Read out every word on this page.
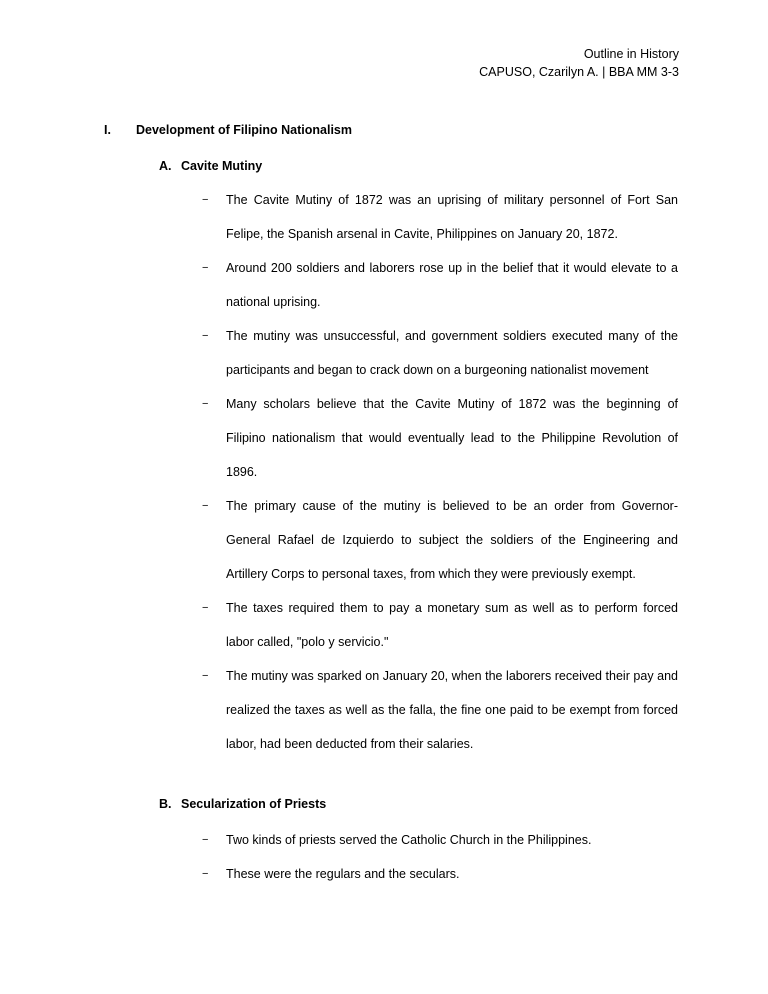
Outline in History
CAPUSO, Czarilyn A. | BBA MM 3-3
I.	Development of Filipino Nationalism
A. Cavite Mutiny
−	The Cavite Mutiny of 1872 was an uprising of military personnel of Fort San Felipe, the Spanish arsenal in Cavite, Philippines on January 20, 1872.
−	Around 200 soldiers and laborers rose up in the belief that it would elevate to a national uprising.
−	The mutiny was unsuccessful, and government soldiers executed many of the participants and began to crack down on a burgeoning nationalist movement
−	Many scholars believe that the Cavite Mutiny of 1872 was the beginning of Filipino nationalism that would eventually lead to the Philippine Revolution of 1896.
−	The primary cause of the mutiny is believed to be an order from Governor-General Rafael de Izquierdo to subject the soldiers of the Engineering and Artillery Corps to personal taxes, from which they were previously exempt.
−	The taxes required them to pay a monetary sum as well as to perform forced labor called, "polo y servicio."
−	The mutiny was sparked on January 20, when the laborers received their pay and realized the taxes as well as the falla, the fine one paid to be exempt from forced labor, had been deducted from their salaries.
B. Secularization of Priests
−	Two kinds of priests served the Catholic Church in the Philippines.
−	These were the regulars and the seculars.
